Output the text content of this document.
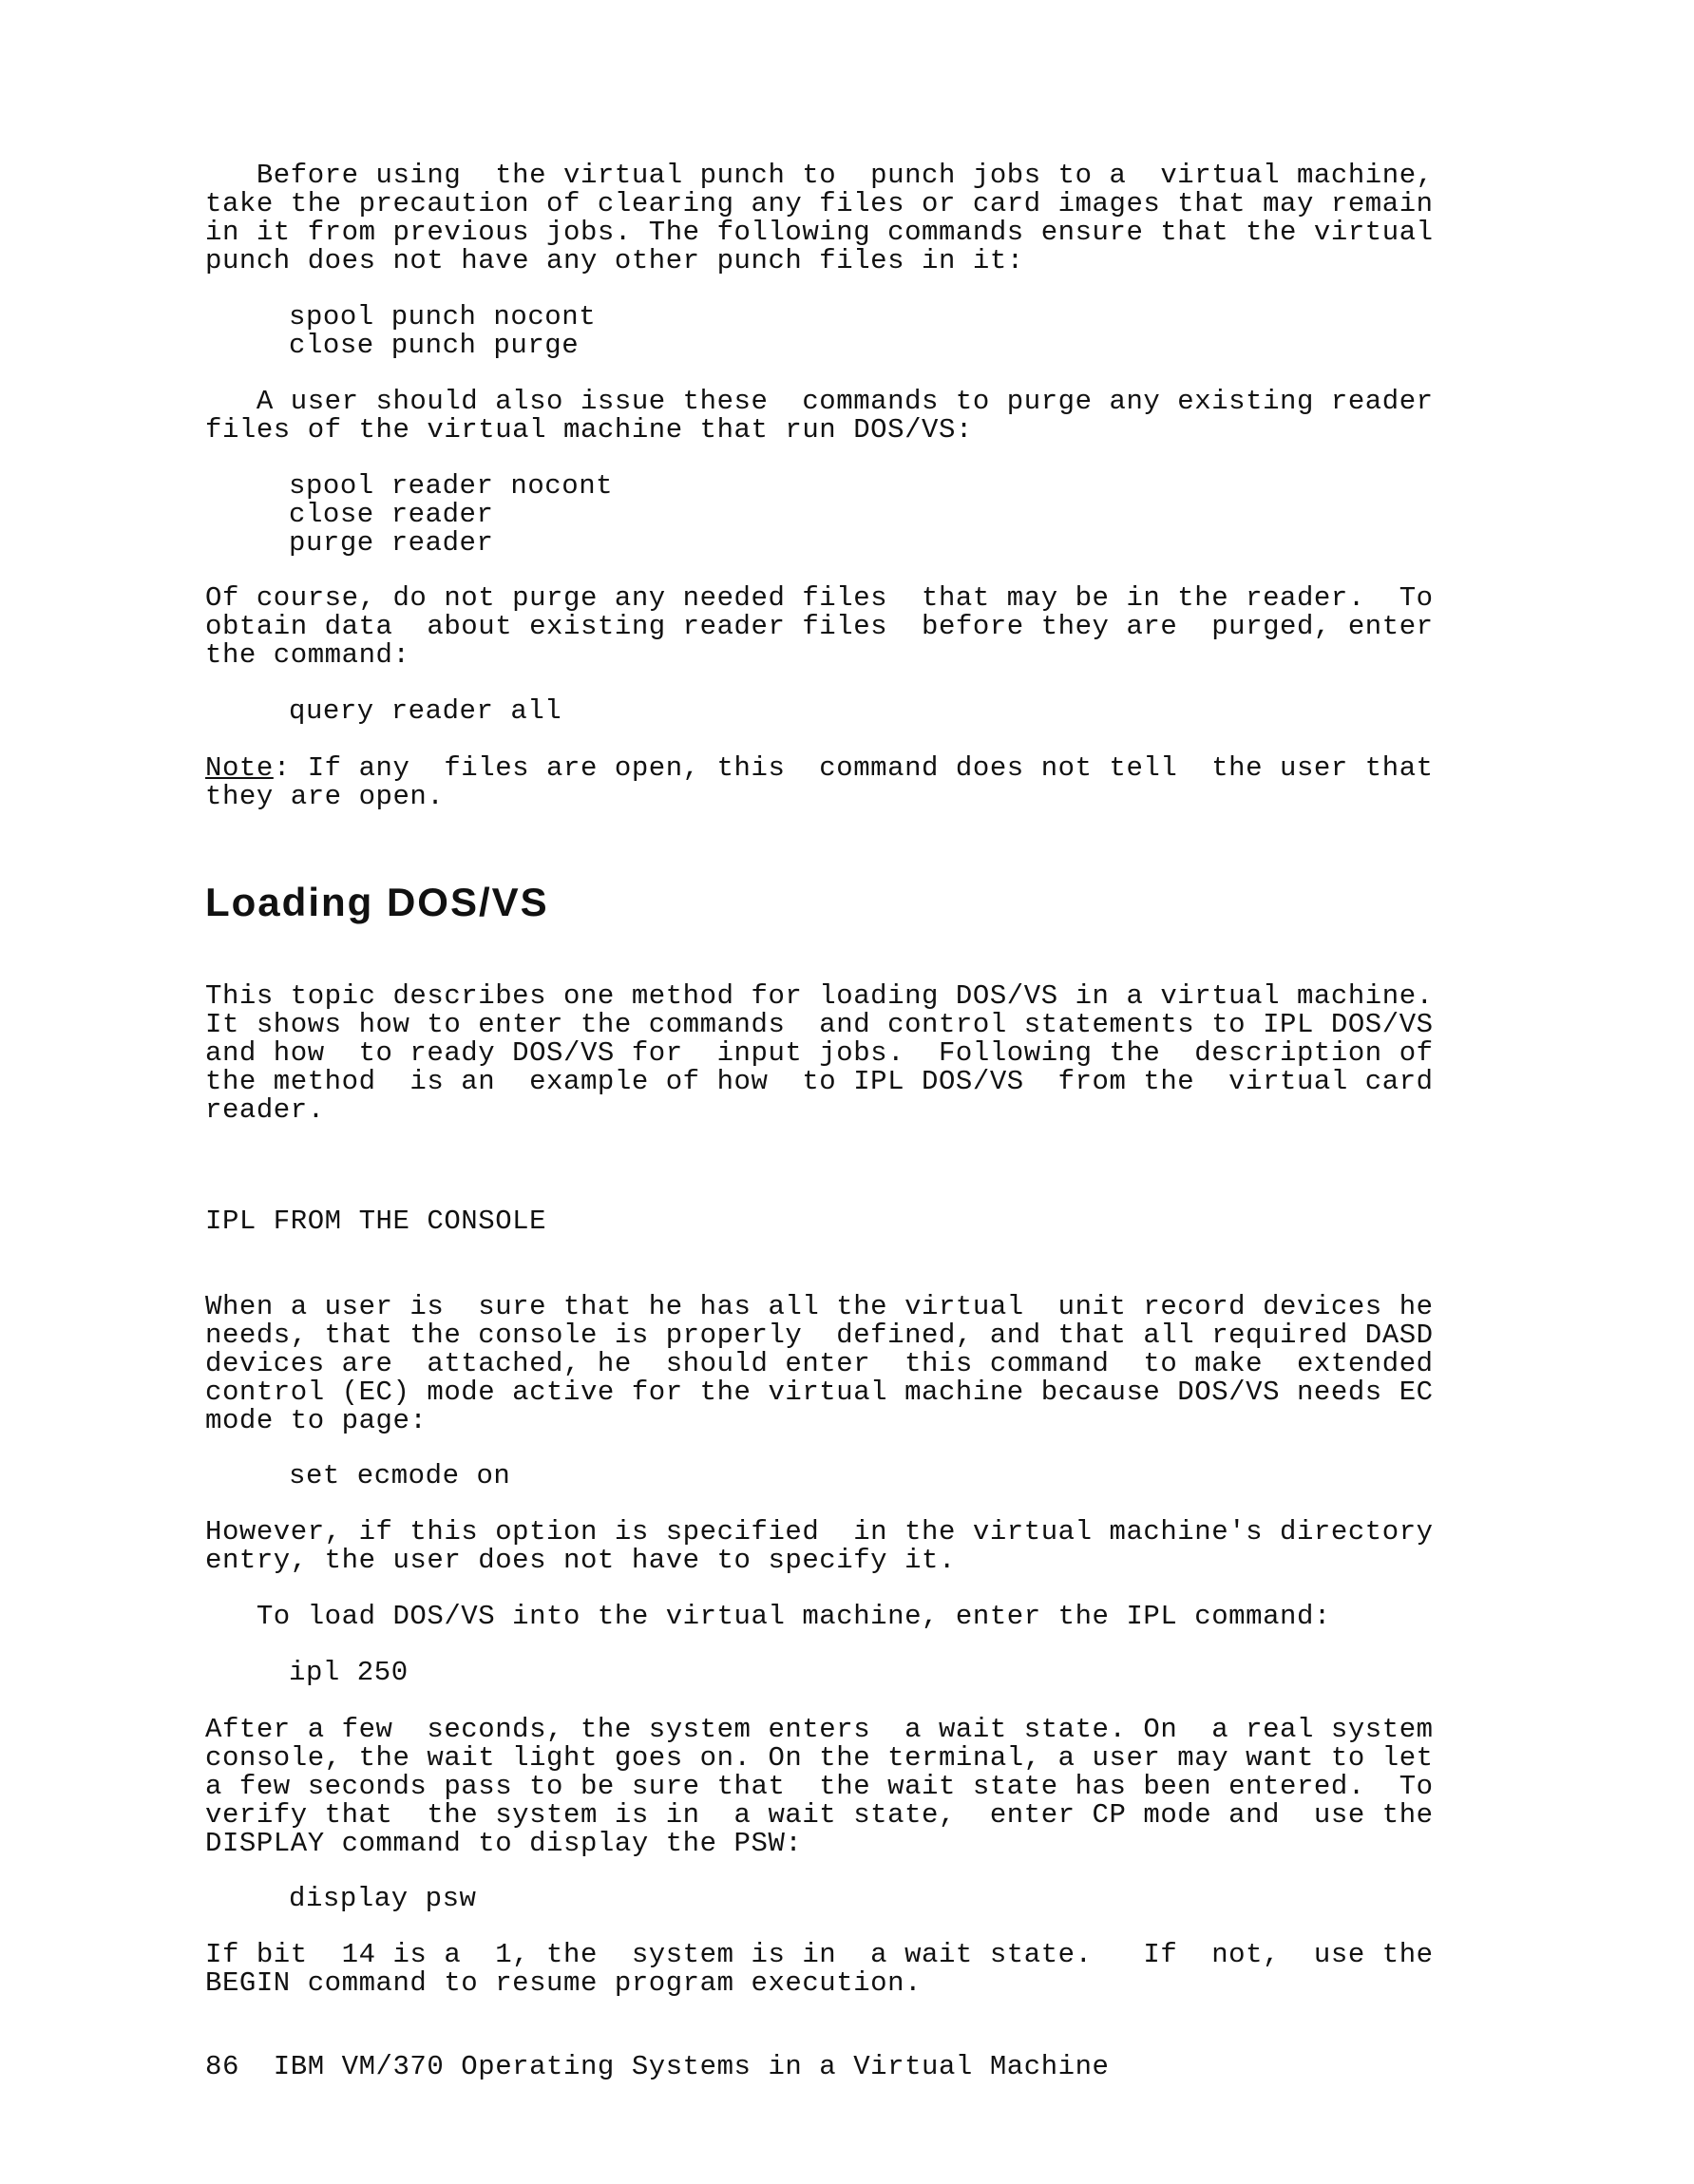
Before using  the virtual punch to  punch jobs to a  virtual machine,
take the precaution of clearing any files or card images that may remain
in it from previous jobs. The following commands ensure that the virtual
punch does not have any other punch files in it:
spool punch nocont
close punch purge
A user should also issue these  commands to purge any existing reader
files of the virtual machine that run DOS/VS:
spool reader nocont
close reader
purge reader
Of course, do not purge any needed files  that may be in the reader.  To
obtain data  about existing reader files  before they are  purged, enter
the command:
query reader all
Note: If any  files are open, this  command does not tell  the user that
they are open.
Loading DOS/VS
This topic describes one method for loading DOS/VS in a virtual machine.
It shows how to enter the commands  and control statements to IPL DOS/VS
and how  to ready DOS/VS for  input jobs.  Following the  description of
the method  is an  example of how  to IPL DOS/VS  from the  virtual card
reader.
IPL FROM THE CONSOLE
When a user is  sure that he has all the virtual  unit record devices he
needs, that the console is properly  defined, and that all required DASD
devices are  attached, he  should enter  this command  to make  extended
control (EC) mode active for the virtual machine because DOS/VS needs EC
mode to page:
set ecmode on
However, if this option is specified  in the virtual machine's directory
entry, the user does not have to specify it.
To load DOS/VS into the virtual machine, enter the IPL command:
ipl 250
After a few  seconds, the system enters  a wait state. On  a real system
console, the wait light goes on. On the terminal, a user may want to let
a few seconds pass to be sure that  the wait state has been entered.  To
verify that  the system is in  a wait state,  enter CP mode and  use the
DISPLAY command to display the PSW:
display psw
If bit  14 is a  1, the  system is in  a wait state.   If  not,  use the
BEGIN command to resume program execution.
86  IBM VM/370 Operating Systems in a Virtual Machine
